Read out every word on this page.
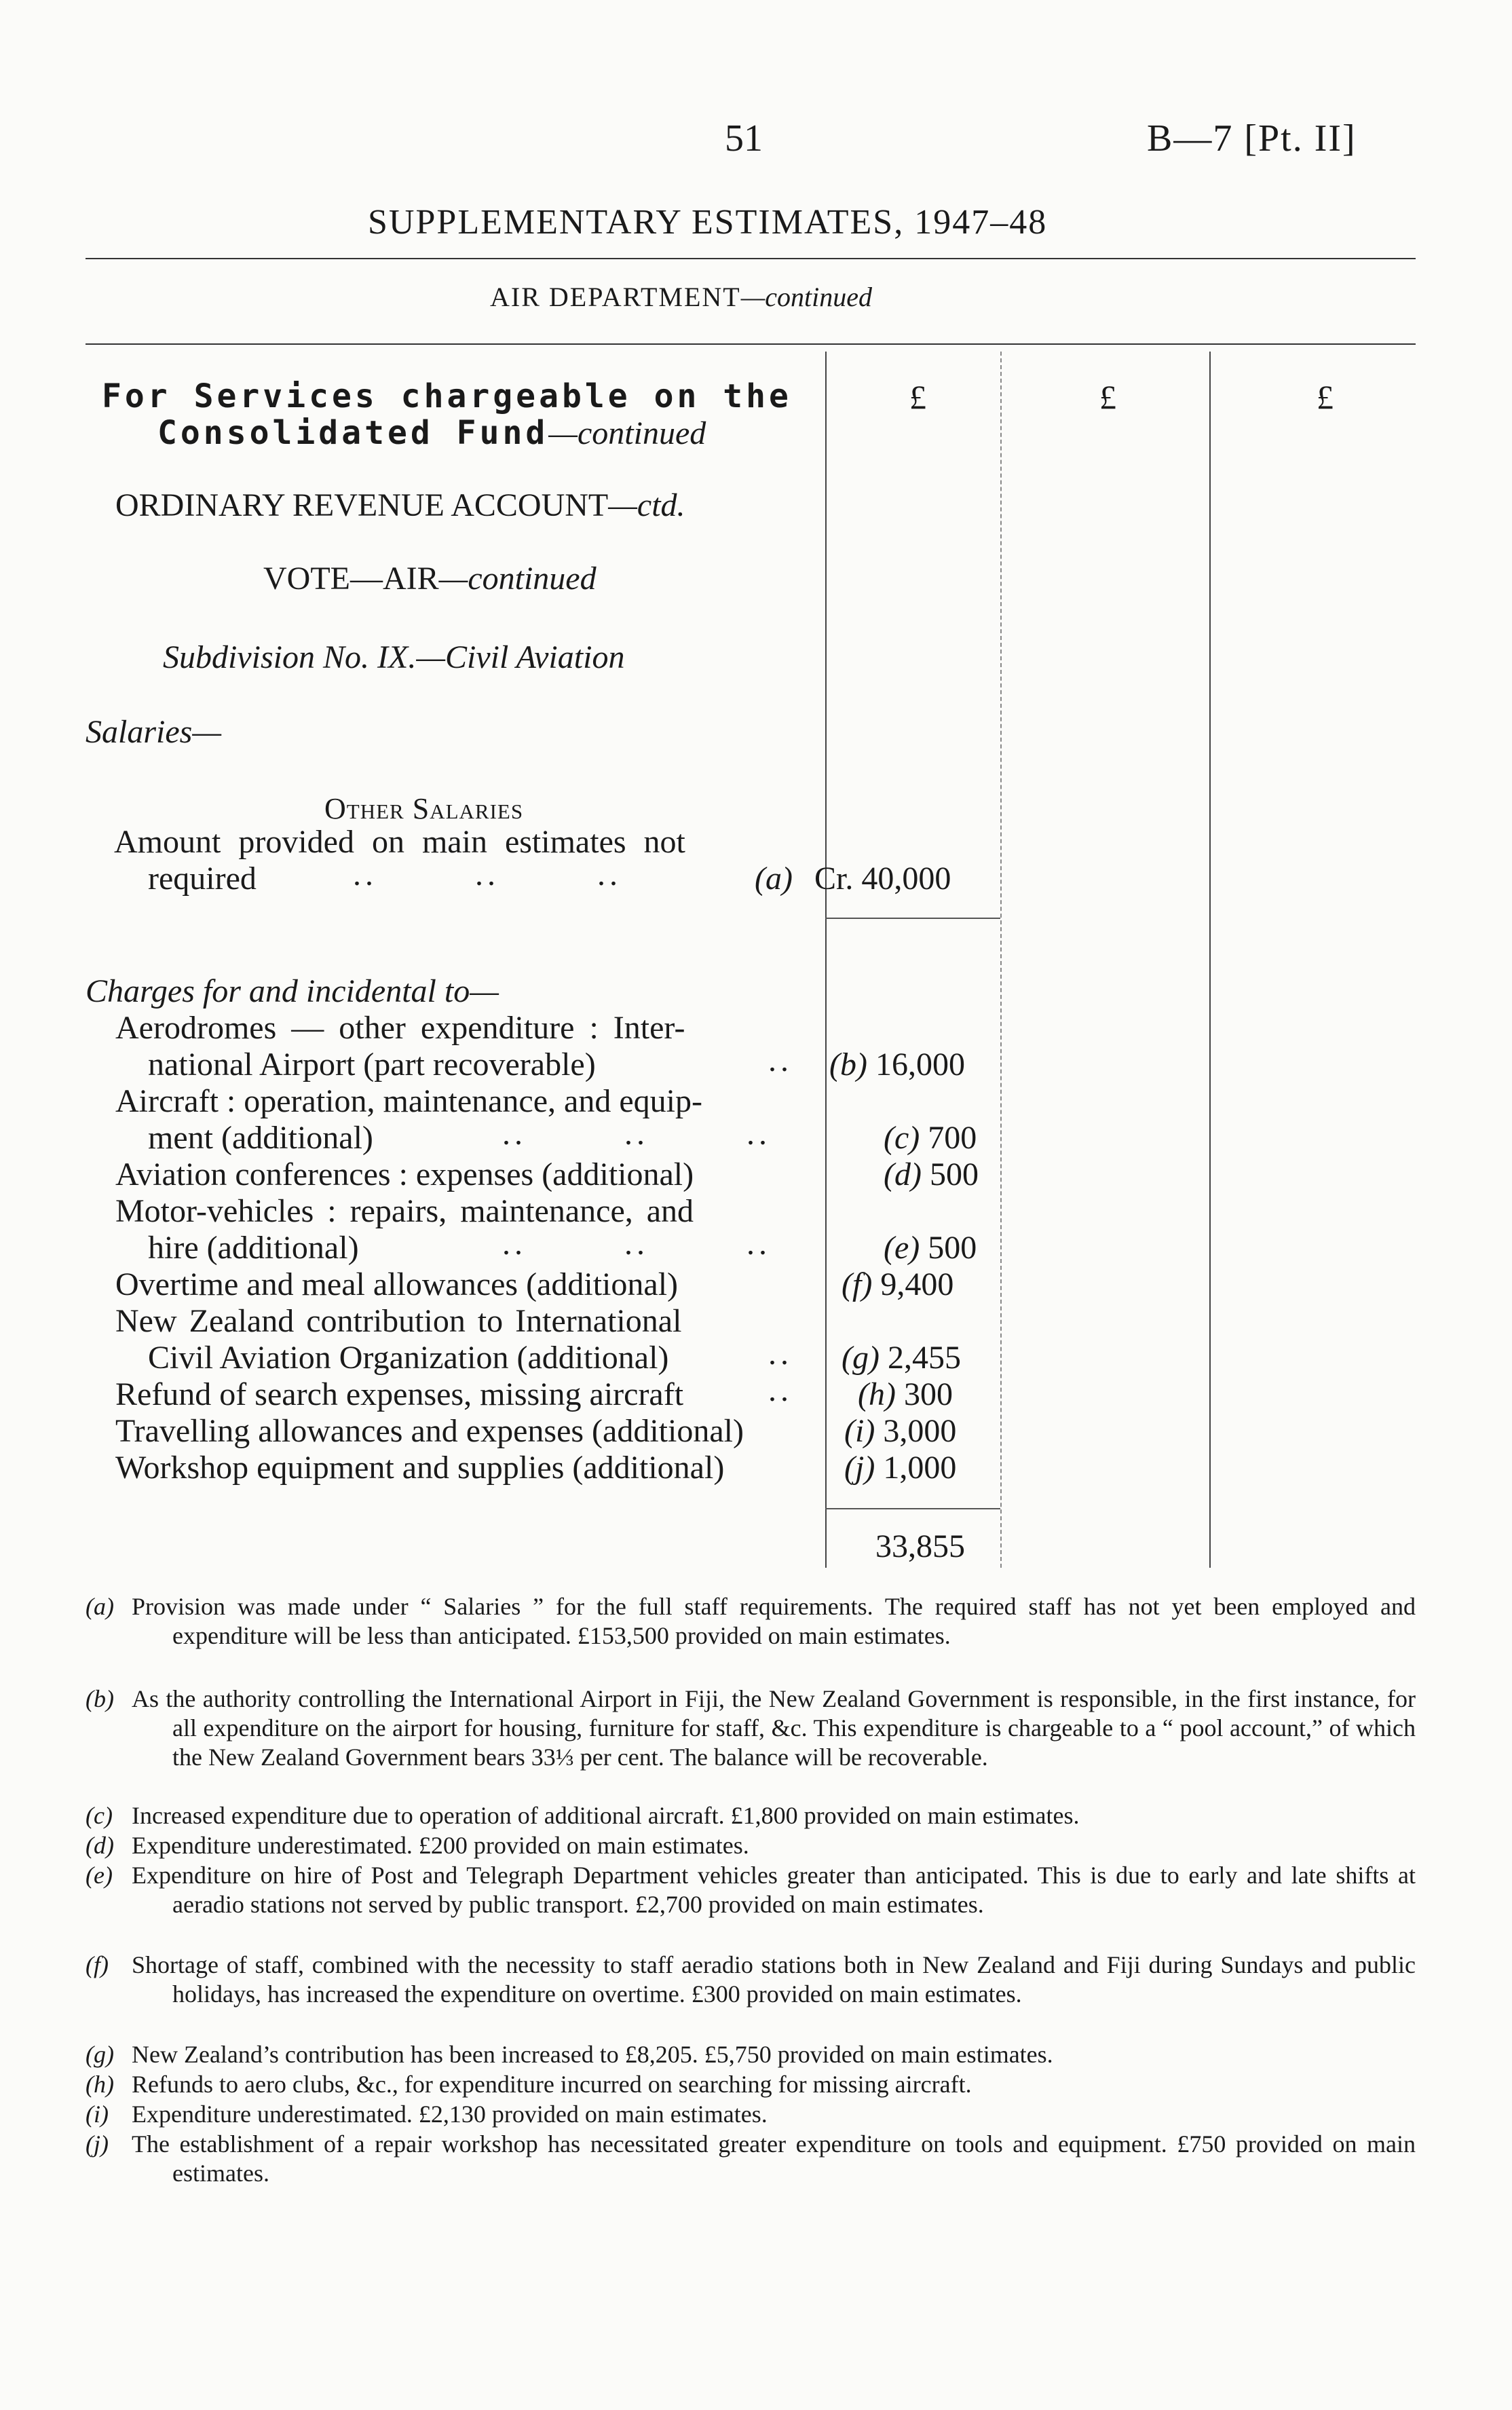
51	B—7 [Pt. II]
SUPPLEMENTARY ESTIMATES, 1947–48
AIR DEPARTMENT—continued
£	£	£
For Services chargeable on the
Consolidated Fund—continued
ORDINARY REVENUE ACCOUNT—ctd.
VOTE—AIR—continued
Subdivision No. IX.—Civil Aviation
Salaries—
Other Salaries
Amount provided on main estimates not
required	..        ..        ..	(a) Cr. 40,000
Charges for and incidental to—
Aerodromes — other expenditure : Inter-
national Airport (part recoverable)	.. (b) 16,000
Aircraft : operation, maintenance, and equip-
ment (additional)	..        ..        ..	(c) 700
Aviation conferences : expenses (additional)	(d) 500
Motor-vehicles : repairs, maintenance, and
hire (additional)	..        ..        ..	(e) 500
Overtime and meal allowances (additional)	(f) 9,400
New Zealand contribution to International
Civil Aviation Organization (additional)	.. (g) 2,455
Refund of search expenses, missing aircraft	.. (h) 300
Travelling allowances and expenses (additional)	(i) 3,000
Workshop equipment and supplies (additional)	(j) 1,000
33,855
(a) Provision was made under “ Salaries ” for the full staff requirements. The required staff has not yet been employed and expenditure will be less than anticipated. £153,500 provided on main estimates.
(b) As the authority controlling the International Airport in Fiji, the New Zealand Government is responsible, in the first instance, for all expenditure on the airport for housing, furniture for staff, &c. This expenditure is chargeable to a “ pool account,” of which the New Zealand Government bears 33⅓ per cent. The balance will be recoverable.
(c) Increased expenditure due to operation of additional aircraft. £1,800 provided on main estimates.
(d) Expenditure underestimated. £200 provided on main estimates.
(e) Expenditure on hire of Post and Telegraph Department vehicles greater than anticipated. This is due to early and late shifts at aeradio stations not served by public transport. £2,700 provided on main estimates.
(f) Shortage of staff, combined with the necessity to staff aeradio stations both in New Zealand and Fiji during Sundays and public holidays, has increased the expenditure on overtime. £300 provided on main estimates.
(g) New Zealand’s contribution has been increased to £8,205. £5,750 provided on main estimates.
(h) Refunds to aero clubs, &c., for expenditure incurred on searching for missing aircraft.
(i) Expenditure underestimated. £2,130 provided on main estimates.
(j) The establishment of a repair workshop has necessitated greater expenditure on tools and equipment. £750 provided on main estimates.
